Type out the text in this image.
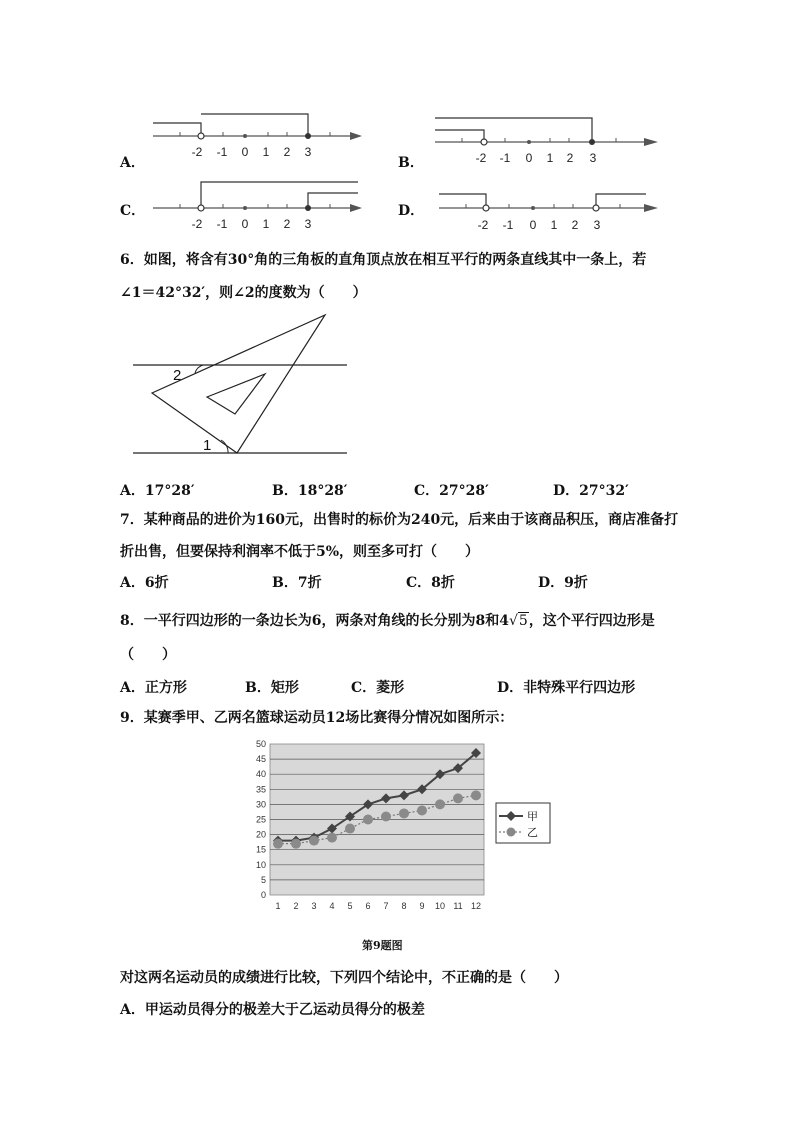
A．
-2 -1 0 1 2 3
B．	-2 -1 0 1 2 3
C．
-2 -1 0 1 2 3
D．
-2 -1 0 1 2 3
6．如图，将含有30°角的三角板的直角顶点放在相互平行的两条直线其中一条上，若
∠1＝42°32′，则∠2的度数为（　　）
2
1
A．17°28′	B．18°28′	C．27°28′	D．27°32′
7．某种商品的进价为160元，出售时的标价为240元，后来由于该商品积压，商店准备打
折出售，但要保持利润率不低于5%，则至多可打（　　）
A．6折	B．7折	C．8折	D．9折
8．一平行四边形的一条边长为6，两条对角线的长分别为8和4√5，这个平行四边形是
（　　）
A．正方形	B．矩形	C．菱形	D．非特殊平行四边形
9．某赛季甲、乙两名篮球运动员12场比赛得分情况如图所示：
0
5
10
15
20
25
30
35
40
45
50
1 2 3 4 5 6 7 8 9 10 11 12
甲
乙
第9题图
对这两名运动员的成绩进行比较，下列四个结论中，不正确的是（　　）
A．甲运动员得分的极差大于乙运动员得分的极差
